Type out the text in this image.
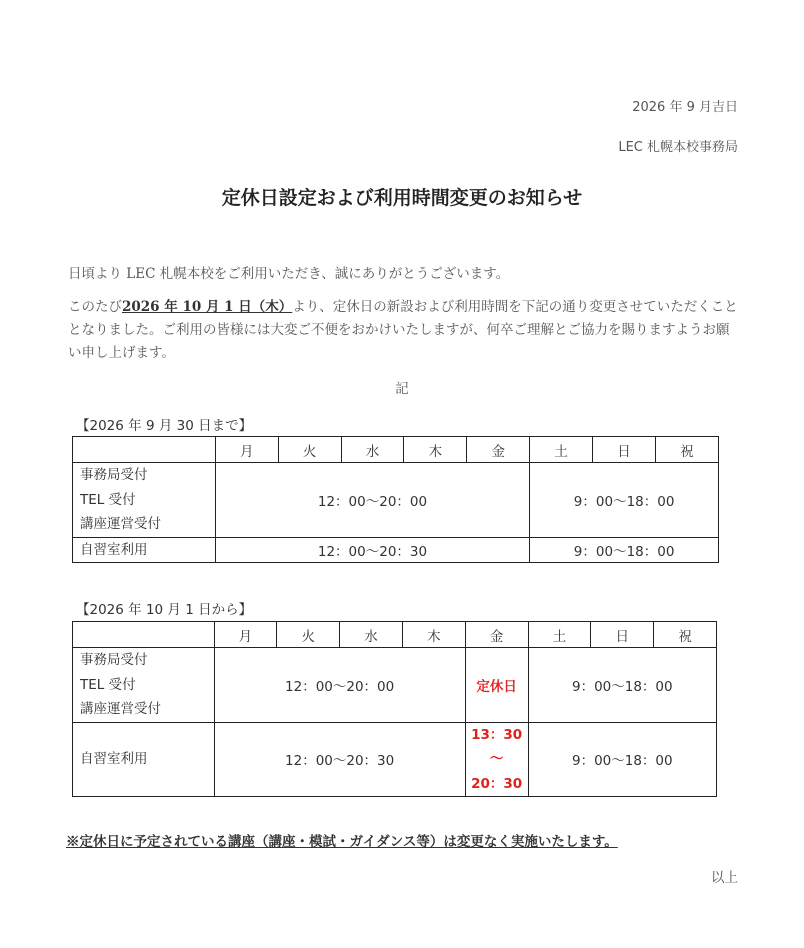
2026 年 9 月吉日
LEC 札幌本校事務局
定休日設定および利用時間変更のお知らせ
日頃より LEC 札幌本校をご利用いただき、誠にありがとうございます。
このたび2026 年 10 月 1 日（木）より、定休日の新設および利用時間を下記の通り変更させていただくこととなりました。ご利用の皆様には大変ご不便をおかけいたしますが、何卒ご理解とご協力を賜りますようお願い申し上げます。
記
【2026 年 9 月 30 日まで】
	月	火	水	木	金	土	日	祝

事務局受付
TEL 受付
講座運営受付	12：00〜20：00					9：00〜18：00		
自習室利用	12：00〜20：30					9：00〜18：00		
【2026 年 10 月 1 日から】
	月	火	水	木	金	土	日	祝

事務局受付
TEL 受付
講座運営受付	12：00〜20：00				定休日	9：00〜18：00		
自習室利用	12：00〜20：30				13：30
〜
20：30	9：00〜18：00		
※定休日に予定されている講座（講座・模試・ガイダンス等）は変更なく実施いたします。
以上
